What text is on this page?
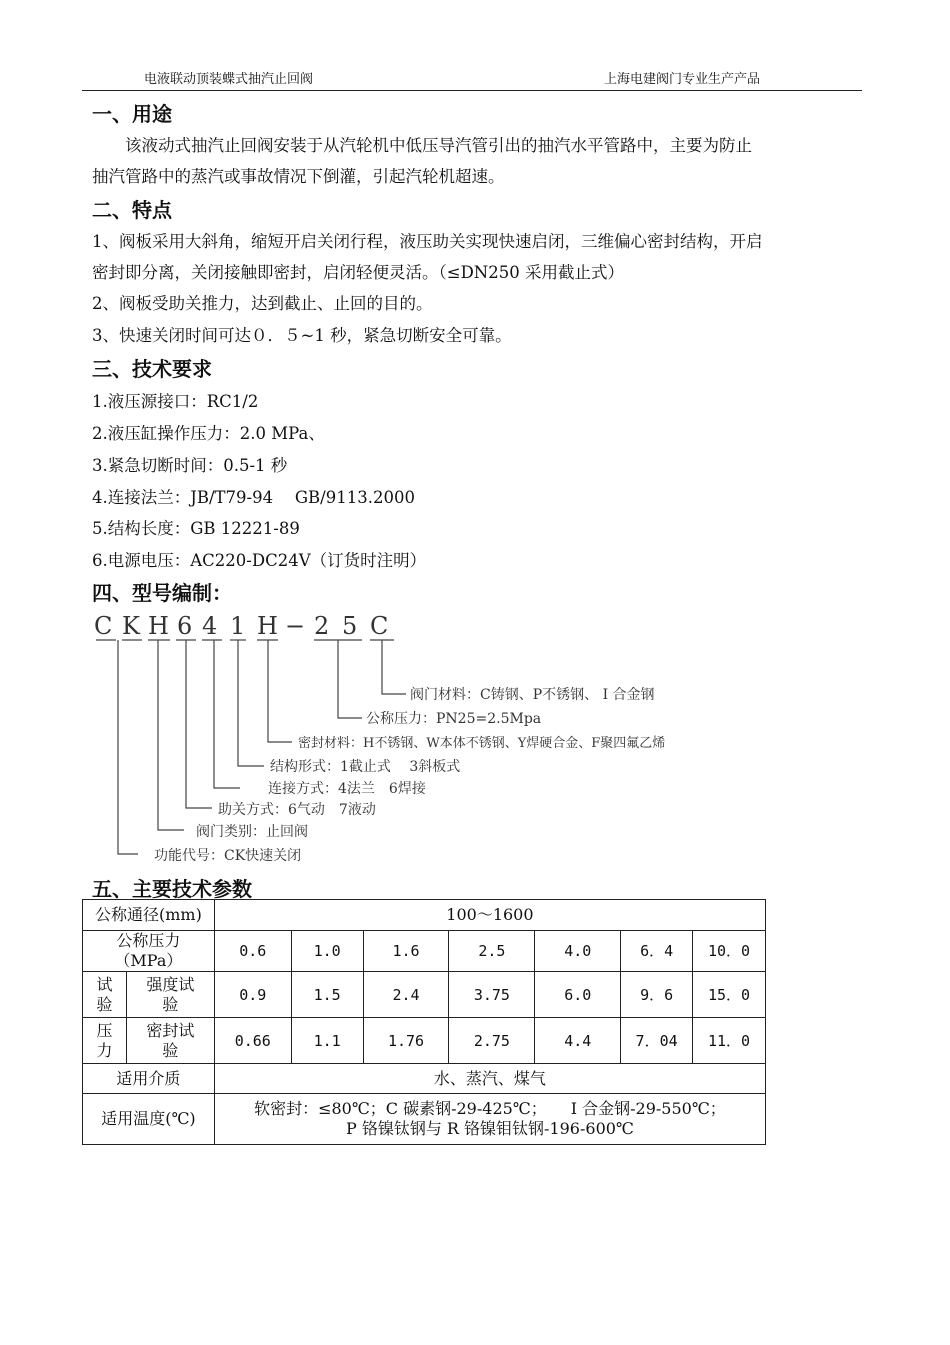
电液联动顶装蝶式抽汽止回阀	上海电建阀门专业生产产品
一、用途
　　该液动式抽汽止回阀安装于从汽轮机中低压导汽管引出的抽汽水平管路中，主要为防止
抽汽管路中的蒸汽或事故情况下倒灌，引起汽轮机超速。
二、特点
1、阀板采用大斜角，缩短开启关闭行程，液压助关实现快速启闭，三维偏心密封结构，开启
密封即分离，关闭接触即密封，启闭轻便灵活。（≤DN250 采用截止式）
2、阀板受助关推力，达到截止、止回的目的。
3、快速关闭时间可达０．５~1 秒，紧急切断安全可靠。
三、技术要求
1.液压源接口：RC1/2
2.液压缸操作压力：2.0 MPa、
3.紧急切断时间：0.5-1 秒
4.连接法兰：JB/T79-94　 GB/9113.2000
5.结构长度：GB 12221-89
6.电源电压：AC220-DC24V（订货时注明）
四、型号编制：
C K H 6 4 1 H − 2 5 C
阀门材料：C铸钢、P不锈钢、 I 合金钢
公称压力：PN25=2.5Mpa
密封材料：H不锈钢、W本体不锈钢、Y焊硬合金、F聚四氟乙烯
结构形式：1截止式　 3斜板式
连接方式：4法兰　6焊接
助关方式：6气动　7液动
阀门类别：止回阀
功能代号：CK快速关闭
五、主要技术参数
公称通径(mm)		100～1600						
公称压力
（MPa）		0.6	1.0	1.6	2.5	4.0	6．4	10．0
试
验	强度试
验	0.9	1.5	2.4	3.75	6.0	9．6	15．0
压
力	密封试
验	0.66	1.1	1.76	2.75	4.4	7．04	11．0
适用介质		水、蒸汽、煤气						
适用温度(℃)		软密封：≤80℃；C 碳素钢-29-425℃；　　I 合金钢-29-550℃；
P 铬镍钛钢与 R 铬镍钼钛钢-196-600℃						
